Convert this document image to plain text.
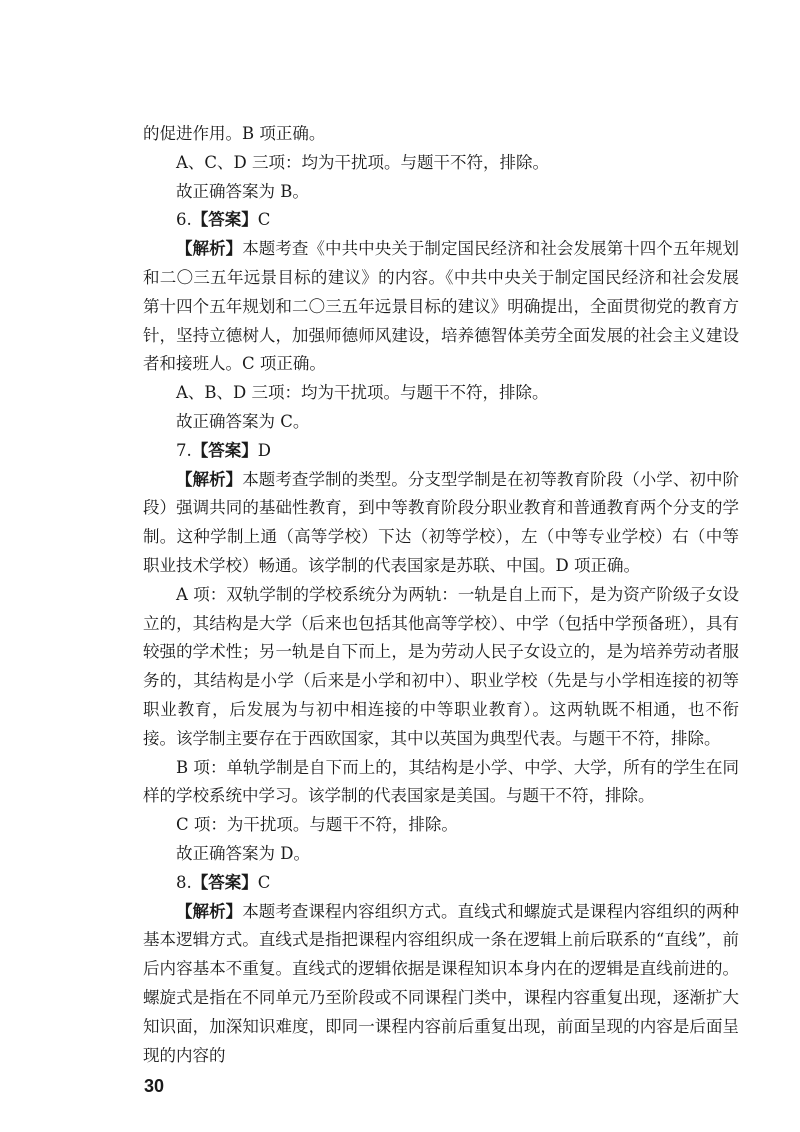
的促进作用。B 项正确。

A、C、D 三项：均为干扰项。与题干不符，排除。

故正确答案为 B。

6.【答案】C

【解析】本题考查《中共中央关于制定国民经济和社会发展第十四个五年规划和二〇三五年远景目标的建议》的内容。《中共中央关于制定国民经济和社会发展第十四个五年规划和二〇三五年远景目标的建议》明确提出，全面贯彻党的教育方针，坚持立德树人，加强师德师风建设，培养德智体美劳全面发展的社会主义建设者和接班人。C 项正确。

A、B、D 三项：均为干扰项。与题干不符，排除。

故正确答案为 C。

7.【答案】D

【解析】本题考查学制的类型。分支型学制是在初等教育阶段（小学、初中阶段）强调共同的基础性教育，到中等教育阶段分职业教育和普通教育两个分支的学制。这种学制上通（高等学校）下达（初等学校），左（中等专业学校）右（中等职业技术学校）畅通。该学制的代表国家是苏联、中国。D 项正确。

A 项：双轨学制的学校系统分为两轨：一轨是自上而下，是为资产阶级子女设立的，其结构是大学（后来也包括其他高等学校）、中学（包括中学预备班），具有较强的学术性；另一轨是自下而上，是为劳动人民子女设立的，是为培养劳动者服务的，其结构是小学（后来是小学和初中）、职业学校（先是与小学相连接的初等职业教育，后发展为与初中相连接的中等职业教育）。这两轨既不相通，也不衔接。该学制主要存在于西欧国家，其中以英国为典型代表。与题干不符，排除。

B 项：单轨学制是自下而上的，其结构是小学、中学、大学，所有的学生在同样的学校系统中学习。该学制的代表国家是美国。与题干不符，排除。

C 项：为干扰项。与题干不符，排除。

故正确答案为 D。

8.【答案】C

【解析】本题考查课程内容组织方式。直线式和螺旋式是课程内容组织的两种基本逻辑方式。直线式是指把课程内容组织成一条在逻辑上前后联系的“直线”，前后内容基本不重复。直线式的逻辑依据是课程知识本身内在的逻辑是直线前进的。螺旋式是指在不同单元乃至阶段或不同课程门类中，课程内容重复出现，逐渐扩大知识面，加深知识难度，即同一课程内容前后重复出现，前面呈现的内容是后面呈现的内容的

30
